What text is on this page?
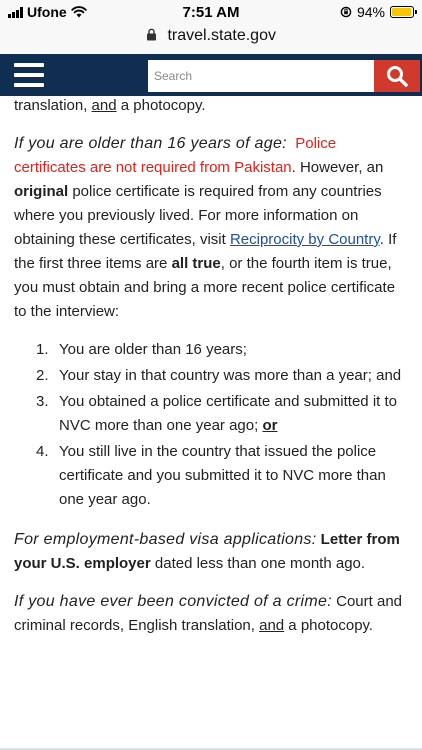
Ufone	7:51 AM	94%
travel.state.gov
Search

translation, and a photocopy.

If you are older than 16 years of age: Police certificates are not required from Pakistan. However, an original police certificate is required from any countries where you previously lived. For more information on obtaining these certificates, visit Reciprocity by Country. If the first three items are all true, or the fourth item is true, you must obtain and bring a more recent police certificate to the interview:

1. You are older than 16 years;
2. Your stay in that country was more than a year; and
3. You obtained a police certificate and submitted it to NVC more than one year ago; or
4. You still live in the country that issued the police certificate and you submitted it to NVC more than one year ago.

For employment-based visa applications: Letter from your U.S. employer dated less than one month ago.

If you have ever been convicted of a crime: Court and criminal records, English translation, and a photocopy.
